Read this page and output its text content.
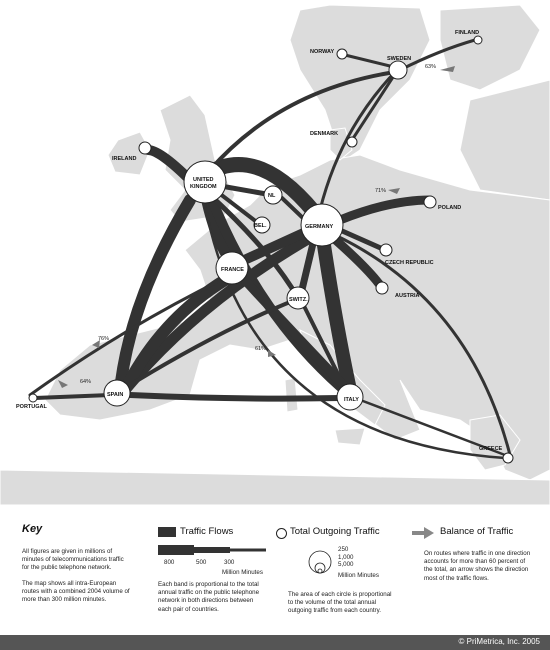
63%
71%
64%
76%
61%
NORWAY
SWEDEN
FINLAND
DENMARK
IRELAND
UNITED
KINGDOM
NL
BEL.	GERMANY
POLAND
CZECH REPUBLIC
AUSTRIA
FRANCE
SWITZ.
SPAIN
PORTUGAL
ITALY
GREECE
Key

All figures are given in millions of minutes of telecommunications traffic for the public telephone network.

The map shows all intra-European routes with a combined 2004 volume of more than 300 million minutes.

Traffic Flows
800	500	300
Million Minutes
Each band is proportional to the total annual traffic on the public telephone network in both directions between each pair of countries.
Total Outgoing Traffic
250
1,000
5,000
Million Minutes
The area of each circle is proportional to the volume of the total annual outgoing traffic from each country.
Balance of Traffic
On routes where traffic in one direction accounts for more than 60 percent of the total, an arrow shows the direction most of the traffic flows.
© PriMetrica, Inc. 2005
